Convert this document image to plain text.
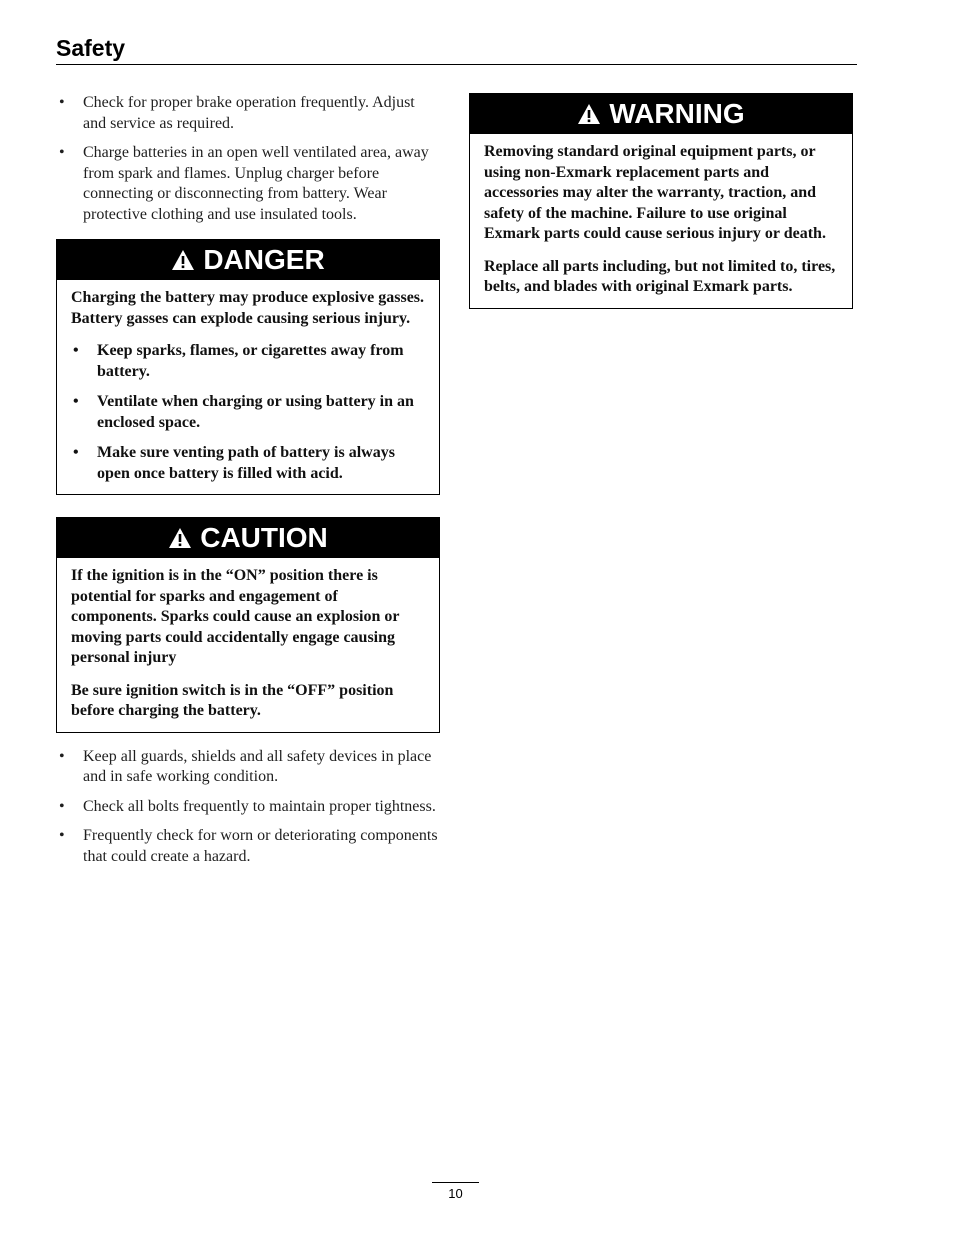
Safety
• Check for proper brake operation frequently. Adjust and service as required.
• Charge batteries in an open well ventilated area, away from spark and flames. Unplug charger before connecting or disconnecting from battery. Wear protective clothing and use insulated tools.
DANGER

Charging the battery may produce explosive gasses. Battery gasses can explode causing serious injury.

• Keep sparks, flames, or cigarettes away from battery.
• Ventilate when charging or using battery in an enclosed space.
• Make sure venting path of battery is always open once battery is filled with acid.
CAUTION

If the ignition is in the “ON” position there is potential for sparks and engagement of components. Sparks could cause an explosion or moving parts could accidentally engage causing personal injury

Be sure ignition switch is in the “OFF” position before charging the battery.

• Keep all guards, shields and all safety devices in place and in safe working condition.
• Check all bolts frequently to maintain proper tightness.
• Frequently check for worn or deteriorating components that could create a hazard.
WARNING

Removing standard original equipment parts, or using non-Exmark replacement parts and accessories may alter the warranty, traction, and safety of the machine. Failure to use original Exmark parts could cause serious injury or death.

Replace all parts including, but not limited to, tires, belts, and blades with original Exmark parts.

10
